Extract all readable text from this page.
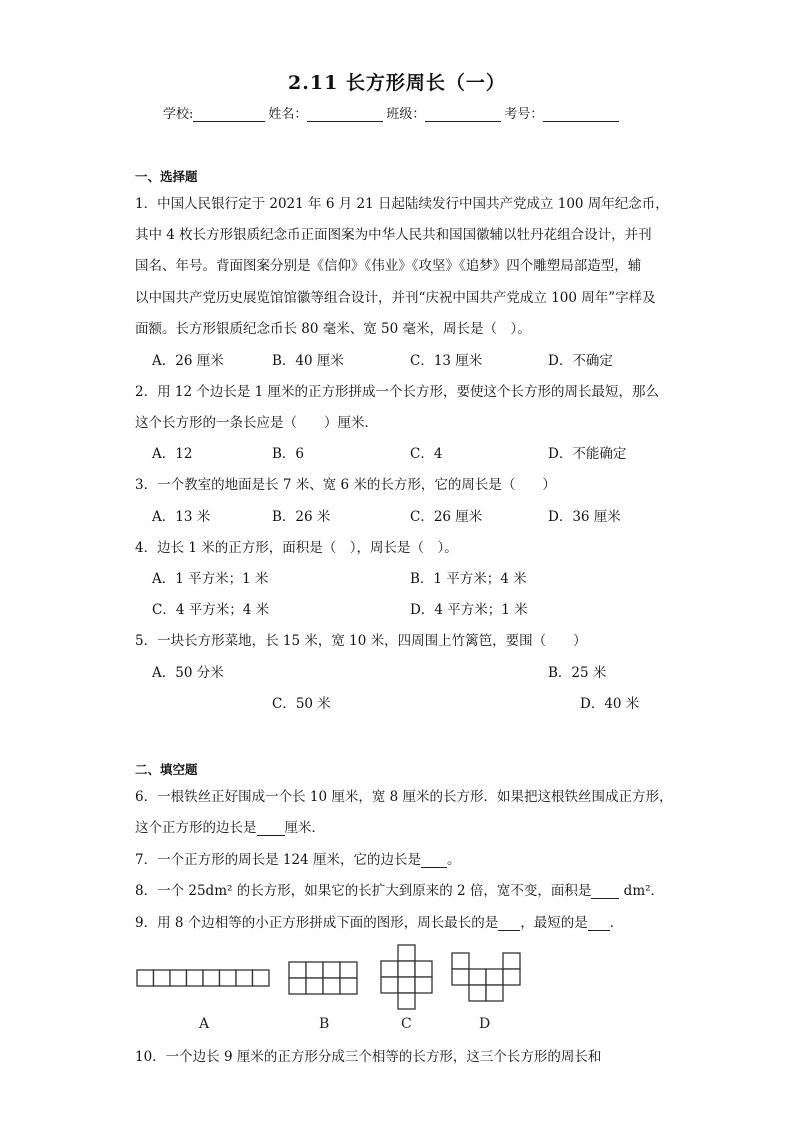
2.11 长方形周长（一）
学校:	姓名：	班级：	考号：
一、选择题
1．中国人民银行定于 2021 年 6 月 21 日起陆续发行中国共产党成立 100 周年纪念币，
其中 4 枚长方形银质纪念币正面图案为中华人民共和国国徽辅以牡丹花组合设计，并刊
国名、年号。背面图案分别是《信仰》《伟业》《攻坚》《追梦》四个雕塑局部造型，辅
以中国共产党历史展览馆馆徽等组合设计，并刊“庆祝中国共产党成立 100 周年”字样及
面额。长方形银质纪念币长 80 毫米、宽 50 毫米，周长是（　）。
A．26 厘米	B．40 厘米	C．13 厘米	D．不确定
2．用 12 个边长是 1 厘米的正方形拼成一个长方形，要使这个长方形的周长最短，那么
这个长方形的一条长应是（　　）厘米．
A．12	B．6	C．4	D．不能确定
3．一个教室的地面是长 7 米、宽 6 米的长方形，它的周长是（　　）
A．13 米	B．26 米	C．26 厘米	D．36 厘米
4．边长 1 米的正方形，面积是（　），周长是（　）。
A．1 平方米；1 米	B．1 平方米；4 米
C．4 平方米；4 米	D．4 平方米；1 米
5．一块长方形菜地，长 15 米，宽 10 米，四周围上竹篱笆，要围（　　）
A．50 分米	B．25 米
C．50 米	D．40 米
二、填空题
6．一根铁丝正好围成一个长 10 厘米，宽 8 厘米的长方形．如果把这根铁丝围成正方形，
这个正方形的边长是 厘米．
7．一个正方形的周长是 124 厘米，它的边长是 。
8．一个 25dm² 的长方形，如果它的长扩大到原来的 2 倍，宽不变，面积是 dm²．
9．用 8 个边相等的小正方形拼成下面的图形，周长最长的是 ，最短的是 ．
A	B	C	D
10．一个边长 9 厘米的正方形分成三个相等的长方形，这三个长方形的周长和
